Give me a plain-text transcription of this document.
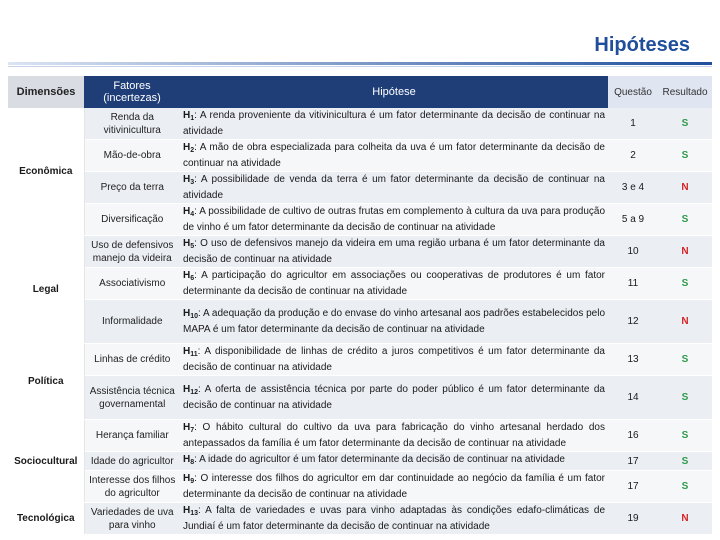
Hipóteses
Dimensões	Fatores (incertezas)	Hipótese	Questão	Resultado
Econômica	Renda da vitivinicultura	$H_1$: A renda proveniente da vitivinicultura é um fator determinante da decisão de continuar na atividade	1	S
	Mão-de-obra	$H_2$: A mão de obra especializada para colheita da uva é um fator determinante da decisão de continuar na atividade	2	S
	Preço da terra	$H_3$: A possibilidade de venda da terra é um fator determinante da decisão de continuar na atividade	3 e 4	N
	Diversificação	$H_4$: A possibilidade de cultivo de outras frutas em complemento à cultura da uva para produção de vinho é um fator determinante da decisão de continuar na atividade	5 a 9	S
Legal	Uso de defensivos manejo da videira	$H_5$: O uso de defensivos manejo da videira em uma região urbana é um fator determinante da decisão de continuar na atividade	10	N
	Associativismo	$H_6$: A participação do agricultor em associações ou cooperativas de produtores é um fator determinante da decisão de continuar na atividade	11	S
	Informalidade	$H_{10}$: A adequação da produção e do envase do vinho artesanal aos padrões estabelecidos pelo MAPA é um fator determinante da decisão de continuar na atividade	12	N
Política	Linhas de crédito	$H_{11}$: A disponibilidade de linhas de crédito a juros competitivos é um fator determinante da decisão de continuar na atividade	13	S
	Assistência técnica governamental	$H_{12}$: A oferta de assistência técnica por parte do poder público é um fator determinante da decisão de continuar na atividade	14	S
Sociocultural	Herança familiar	$H_7$: O hábito cultural do cultivo da uva para fabricação do vinho artesanal herdado dos antepassados da família é um fator determinante da decisão de continuar na atividade	16	S
	Idade do agricultor	$H_8$: A idade do agricultor é um fator determinante da decisão de continuar na atividade	17	S
	Interesse dos filhos do agricultor	$H_9$: O interesse dos filhos do agricultor em dar continuidade ao negócio da família é um fator determinante da decisão de continuar na atividade	17	S
Tecnológica	Variedades de uva para vinho	$H_{13}$: A falta de variedades e uvas para vinho adaptadas às condições edafo-climáticas de Jundiaí é um fator determinante da decisão de continuar na atividade	19	N
